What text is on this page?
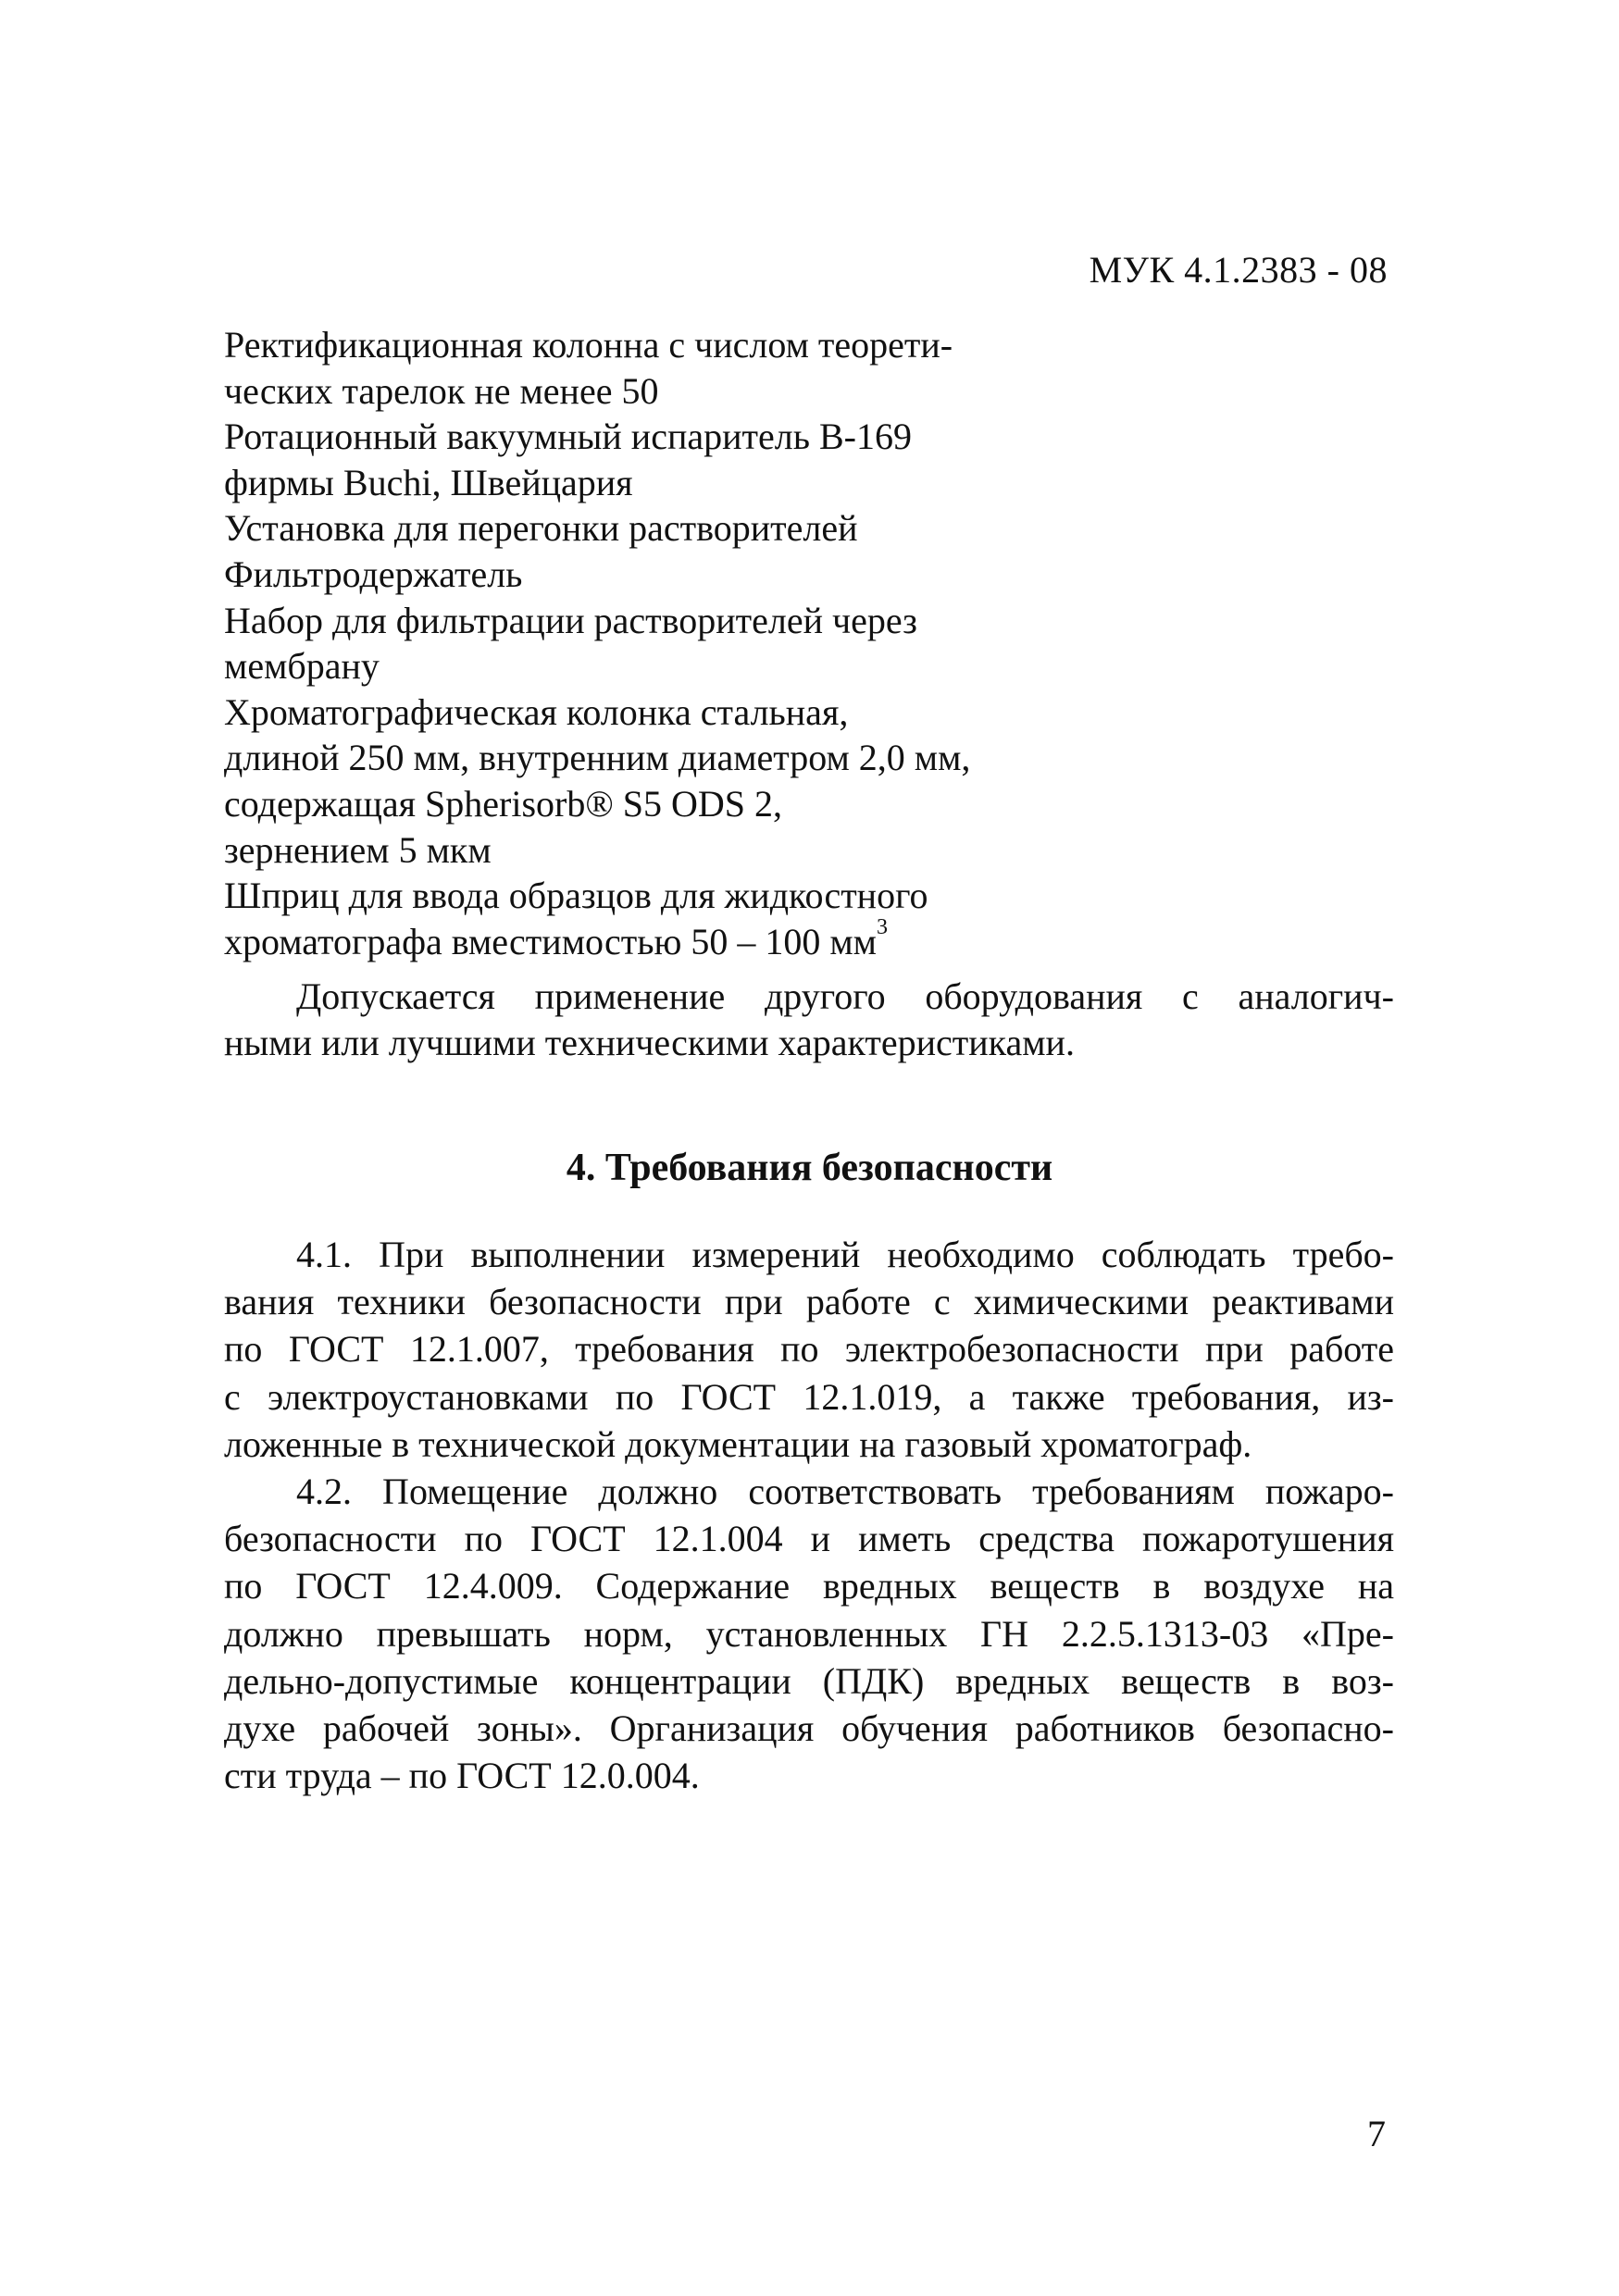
МУК 4.1.2383 - 08
Ректификационная колонна с числом теорети-
ческих тарелок не менее 50
Ротационный вакуумный испаритель В-169
фирмы Buchi, Швейцария
Установка для перегонки растворителей
Фильтродержатель
Набор для фильтрации растворителей через
мембрану
Хроматографическая колонка стальная,
длиной 250 мм, внутренним диаметром 2,0 мм,
содержащая Spherisorb® S5 ODS 2,
зернением 5 мкм
Шприц для ввода образцов для жидкостного
хроматографа вместимостью 50 – 100 $мм^3$
Допускается применение другого оборудования с аналогич-
ными или лучшими техническими характеристиками.
4. Требования безопасности
4.1. При выполнении измерений необходимо соблюдать требо-
вания техники безопасности при работе с химическими реактивами
по ГОСТ 12.1.007, требования по электробезопасности при работе
с электроустановками по ГОСТ 12.1.019, а также требования, из-
ложенные в технической документации на газовый хроматограф.
4.2. Помещение должно соответствовать требованиям пожаро-
безопасности по ГОСТ 12.1.004 и иметь средства пожаротушения
по ГОСТ 12.4.009. Содержание вредных веществ в воздухе на
должно превышать норм, установленных ГН 2.2.5.1313-03 «Пре-
дельно-допустимые концентрации (ПДК) вредных веществ в воз-
духе рабочей зоны». Организация обучения работников безопасно-
сти труда – по ГОСТ 12.0.004.
7
